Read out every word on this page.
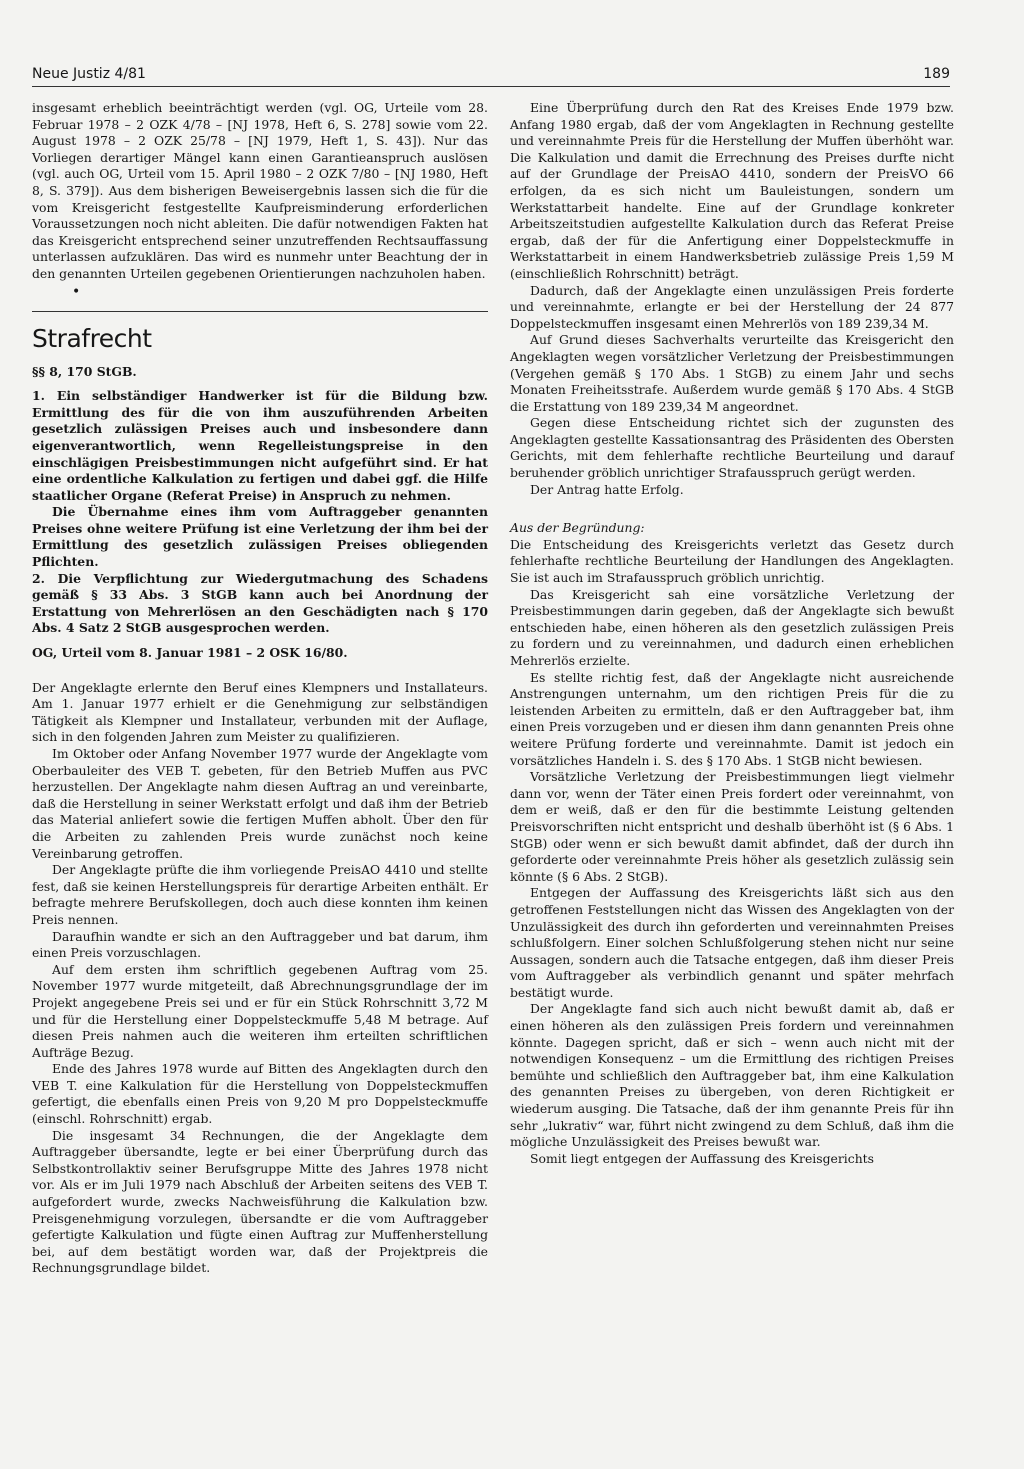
Neue Justiz 4/81	189

insgesamt erheblich beeinträchtigt werden (vgl. OG, Urteile vom 28. Februar 1978 – 2 OZK 4/78 – [NJ 1978, Heft 6, S. 278] sowie vom 22. August 1978 – 2 OZK 25/78 – [NJ 1979, Heft 1, S. 43]). Nur das Vorliegen derartiger Mängel kann einen Garantieanspruch auslösen (vgl. auch OG, Urteil vom 15. April 1980 – 2 OZK 7/80 – [NJ 1980, Heft 8, S. 379]). Aus dem bisherigen Beweisergebnis lassen sich die für die vom Kreisgericht festgestellte Kaufpreisminderung erforderlichen Voraussetzungen noch nicht ableiten. Die dafür notwendigen Fakten hat das Kreisgericht entsprechend seiner unzutreffenden Rechtsauffassung unterlassen aufzuklären. Das wird es nunmehr unter Beachtung der in den genannten Urteilen gegebenen Orientierungen nachzuholen haben.

•
Strafrecht

§§ 8, 170 StGB.

1. Ein selbständiger Handwerker ist für die Bildung bzw. Ermittlung des für die von ihm auszuführenden Arbeiten gesetzlich zulässigen Preises auch und insbesondere dann eigenverantwortlich, wenn Regelleistungspreise in den einschlägigen Preisbestimmungen nicht aufgeführt sind. Er hat eine ordentliche Kalkulation zu fertigen und dabei ggf. die Hilfe staatlicher Organe (Referat Preise) in Anspruch zu nehmen.

Die Übernahme eines ihm vom Auftraggeber genannten Preises ohne weitere Prüfung ist eine Verletzung der ihm bei der Ermittlung des gesetzlich zulässigen Preises obliegenden Pflichten.

2. Die Verpflichtung zur Wiedergutmachung des Schadens gemäß § 33 Abs. 3 StGB kann auch bei Anordnung der Erstattung von Mehrerlösen an den Geschädigten nach § 170 Abs. 4 Satz 2 StGB ausgesprochen werden.

OG, Urteil vom 8. Januar 1981 – 2 OSK 16/80.

Der Angeklagte erlernte den Beruf eines Klempners und Installateurs. Am 1. Januar 1977 erhielt er die Genehmigung zur selbständigen Tätigkeit als Klempner und Installateur, verbunden mit der Auflage, sich in den folgenden Jahren zum Meister zu qualifizieren.

Im Oktober oder Anfang November 1977 wurde der Angeklagte vom Oberbauleiter des VEB T. gebeten, für den Betrieb Muffen aus PVC herzustellen. Der Angeklagte nahm diesen Auftrag an und vereinbarte, daß die Herstellung in seiner Werkstatt erfolgt und daß ihm der Betrieb das Material anliefert sowie die fertigen Muffen abholt. Über den für die Arbeiten zu zahlenden Preis wurde zunächst noch keine Vereinbarung getroffen.

Der Angeklagte prüfte die ihm vorliegende PreisAO 4410 und stellte fest, daß sie keinen Herstellungspreis für derartige Arbeiten enthält. Er befragte mehrere Berufskollegen, doch auch diese konnten ihm keinen Preis nennen.

Daraufhin wandte er sich an den Auftraggeber und bat darum, ihm einen Preis vorzuschlagen.

Auf dem ersten ihm schriftlich gegebenen Auftrag vom 25. November 1977 wurde mitgeteilt, daß Abrechnungsgrundlage der im Projekt angegebene Preis sei und er für ein Stück Rohrschnitt 3,72 M und für die Herstellung einer Doppelsteckmuffe 5,48 M betrage. Auf diesen Preis nahmen auch die weiteren ihm erteilten schriftlichen Aufträge Bezug.

Ende des Jahres 1978 wurde auf Bitten des Angeklagten durch den VEB T. eine Kalkulation für die Herstellung von Doppelsteckmuffen gefertigt, die ebenfalls einen Preis von 9,20 M pro Doppelsteckmuffe (einschl. Rohrschnitt) ergab.

Die insgesamt 34 Rechnungen, die der Angeklagte dem Auftraggeber übersandte, legte er bei einer Überprüfung durch das Selbstkontrollaktiv seiner Berufsgruppe Mitte des Jahres 1978 nicht vor. Als er im Juli 1979 nach Abschluß der Arbeiten seitens des VEB T. aufgefordert wurde, zwecks Nachweisführung die Kalkulation bzw. Preisgenehmigung vorzulegen, übersandte er die vom Auftraggeber gefertigte Kalkulation und fügte einen Auftrag zur Muffenherstellung bei, auf dem bestätigt worden war, daß der Projektpreis die Rechnungsgrundlage bildet.

Eine Überprüfung durch den Rat des Kreises Ende 1979 bzw. Anfang 1980 ergab, daß der vom Angeklagten in Rechnung gestellte und vereinnahmte Preis für die Herstellung der Muffen überhöht war. Die Kalkulation und damit die Errechnung des Preises durfte nicht auf der Grundlage der PreisAO 4410, sondern der PreisVO 66 erfolgen, da es sich nicht um Bauleistungen, sondern um Werkstattarbeit handelte. Eine auf der Grundlage konkreter Arbeitszeitstudien aufgestellte Kalkulation durch das Referat Preise ergab, daß der für die Anfertigung einer Doppelsteckmuffe in Werkstattarbeit in einem Handwerksbetrieb zulässige Preis 1,59 M (einschließlich Rohrschnitt) beträgt.

Dadurch, daß der Angeklagte einen unzulässigen Preis forderte und vereinnahmte, erlangte er bei der Herstellung der 24 877 Doppelsteckmuffen insgesamt einen Mehrerlös von 189 239,34 M.

Auf Grund dieses Sachverhalts verurteilte das Kreisgericht den Angeklagten wegen vorsätzlicher Verletzung der Preisbestimmungen (Vergehen gemäß § 170 Abs. 1 StGB) zu einem Jahr und sechs Monaten Freiheitsstrafe. Außerdem wurde gemäß § 170 Abs. 4 StGB die Erstattung von 189 239,34 M angeordnet.

Gegen diese Entscheidung richtet sich der zugunsten des Angeklagten gestellte Kassationsantrag des Präsidenten des Obersten Gerichts, mit dem fehlerhafte rechtliche Beurteilung und darauf beruhender gröblich unrichtiger Strafausspruch gerügt werden.

Der Antrag hatte Erfolg.

Aus der Begründung:

Die Entscheidung des Kreisgerichts verletzt das Gesetz durch fehlerhafte rechtliche Beurteilung der Handlungen des Angeklagten. Sie ist auch im Strafausspruch gröblich unrichtig.

Das Kreisgericht sah eine vorsätzliche Verletzung der Preisbestimmungen darin gegeben, daß der Angeklagte sich bewußt entschieden habe, einen höheren als den gesetzlich zulässigen Preis zu fordern und zu vereinnahmen, und dadurch einen erheblichen Mehrerlös erzielte.

Es stellte richtig fest, daß der Angeklagte nicht ausreichende Anstrengungen unternahm, um den richtigen Preis für die zu leistenden Arbeiten zu ermitteln, daß er den Auftraggeber bat, ihm einen Preis vorzugeben und er diesen ihm dann genannten Preis ohne weitere Prüfung forderte und vereinnahmte. Damit ist jedoch ein vorsätzliches Handeln i. S. des § 170 Abs. 1 StGB nicht bewiesen.

Vorsätzliche Verletzung der Preisbestimmungen liegt vielmehr dann vor, wenn der Täter einen Preis fordert oder vereinnahmt, von dem er weiß, daß er den für die bestimmte Leistung geltenden Preisvorschriften nicht entspricht und deshalb überhöht ist (§ 6 Abs. 1 StGB) oder wenn er sich bewußt damit abfindet, daß der durch ihn geforderte oder vereinnahmte Preis höher als gesetzlich zulässig sein könnte (§ 6 Abs. 2 StGB).

Entgegen der Auffassung des Kreisgerichts läßt sich aus den getroffenen Feststellungen nicht das Wissen des Angeklagten von der Unzulässigkeit des durch ihn geforderten und vereinnahmten Preises schlußfolgern. Einer solchen Schlußfolgerung stehen nicht nur seine Aussagen, sondern auch die Tatsache entgegen, daß ihm dieser Preis vom Auftraggeber als verbindlich genannt und später mehrfach bestätigt wurde.

Der Angeklagte fand sich auch nicht bewußt damit ab, daß er einen höheren als den zulässigen Preis fordern und vereinnahmen könnte. Dagegen spricht, daß er sich – wenn auch nicht mit der notwendigen Konsequenz – um die Ermittlung des richtigen Preises bemühte und schließlich den Auftraggeber bat, ihm eine Kalkulation des genannten Preises zu übergeben, von deren Richtigkeit er wiederum ausging. Die Tatsache, daß der ihm genannte Preis für ihn sehr „lukrativ“ war, führt nicht zwingend zu dem Schluß, daß ihm die mögliche Unzulässigkeit des Preises bewußt war.

Somit liegt entgegen der Auffassung des Kreisgerichts
